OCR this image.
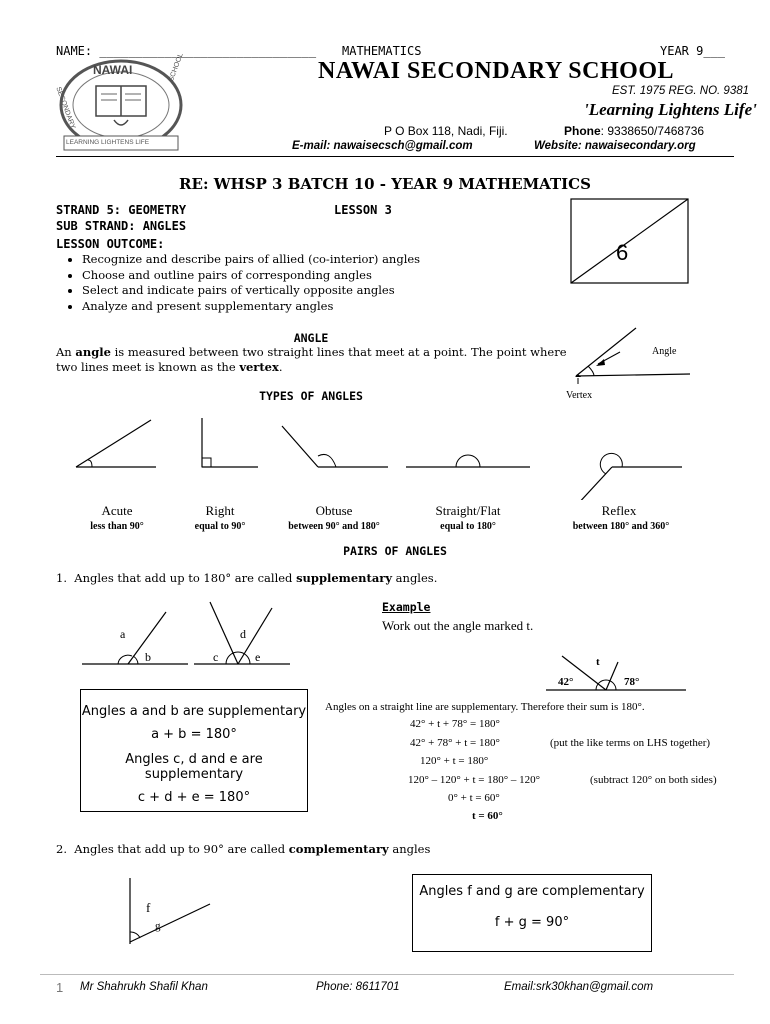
NAME: ______________________________ MATHEMATICS	YEAR 9___
NAWAI
SECONDARY
SCHOOL
LEARNING LIGHTENS LIFE
NAWAI SECONDARY SCHOOL
EST. 1975 REG. NO. 9381
'Learning Lightens Life'
P O Box 118, Nadi, Fiji.	Phone: 9338650/7468736
E-mail: nawaisecsch@gmail.com	Website: nawaisecondary.org
RE: WHSP 3 BATCH 10 - YEAR 9 MATHEMATICS
STRAND 5: GEOMETRY	LESSON 3
SUB STRAND: ANGLES
LESSON OUTCOME:
• Recognize and describe pairs of allied (co-interior) angles
• Choose and outline pairs of corresponding angles
• Select and indicate pairs of vertically opposite angles
• Analyze and present supplementary angles
6
ANGLE
An angle is measured between two straight lines that meet at a point. The point where two lines meet is known as the vertex.
Angle
Vertex
TYPES OF ANGLES
Acute
less than 90°
Right
equal to 90°
Obtuse
between 90° and 180°
Straight/Flat
equal to 180°
Reflex
between 180° and 360°
PAIRS OF ANGLES
1. Angles that add up to 180° are called supplementary angles.
a
b	c
d
e
Angles a and b are supplementary
a + b = 180°
Angles c, d and e are supplementary
c + d + e = 180°
Example
Work out the angle marked t.
t
42°	78°
Angles on a straight line are supplementary. Therefore their sum is 180°.
42° + t + 78° = 180°
42° + 78° + t = 180°	(put the like terms on LHS together)
120° + t = 180°
120° – 120° + t = 180° – 120°	(subtract 120° on both sides)
0° + t = 60°
t = 60°
2. Angles that add up to 90° are called complementary angles
f
g
Angles f and g are complementary
f + g = 90°
1 Mr Shahrukh Shafil Khan	Phone: 8611701	Email:srk30khan@gmail.com
